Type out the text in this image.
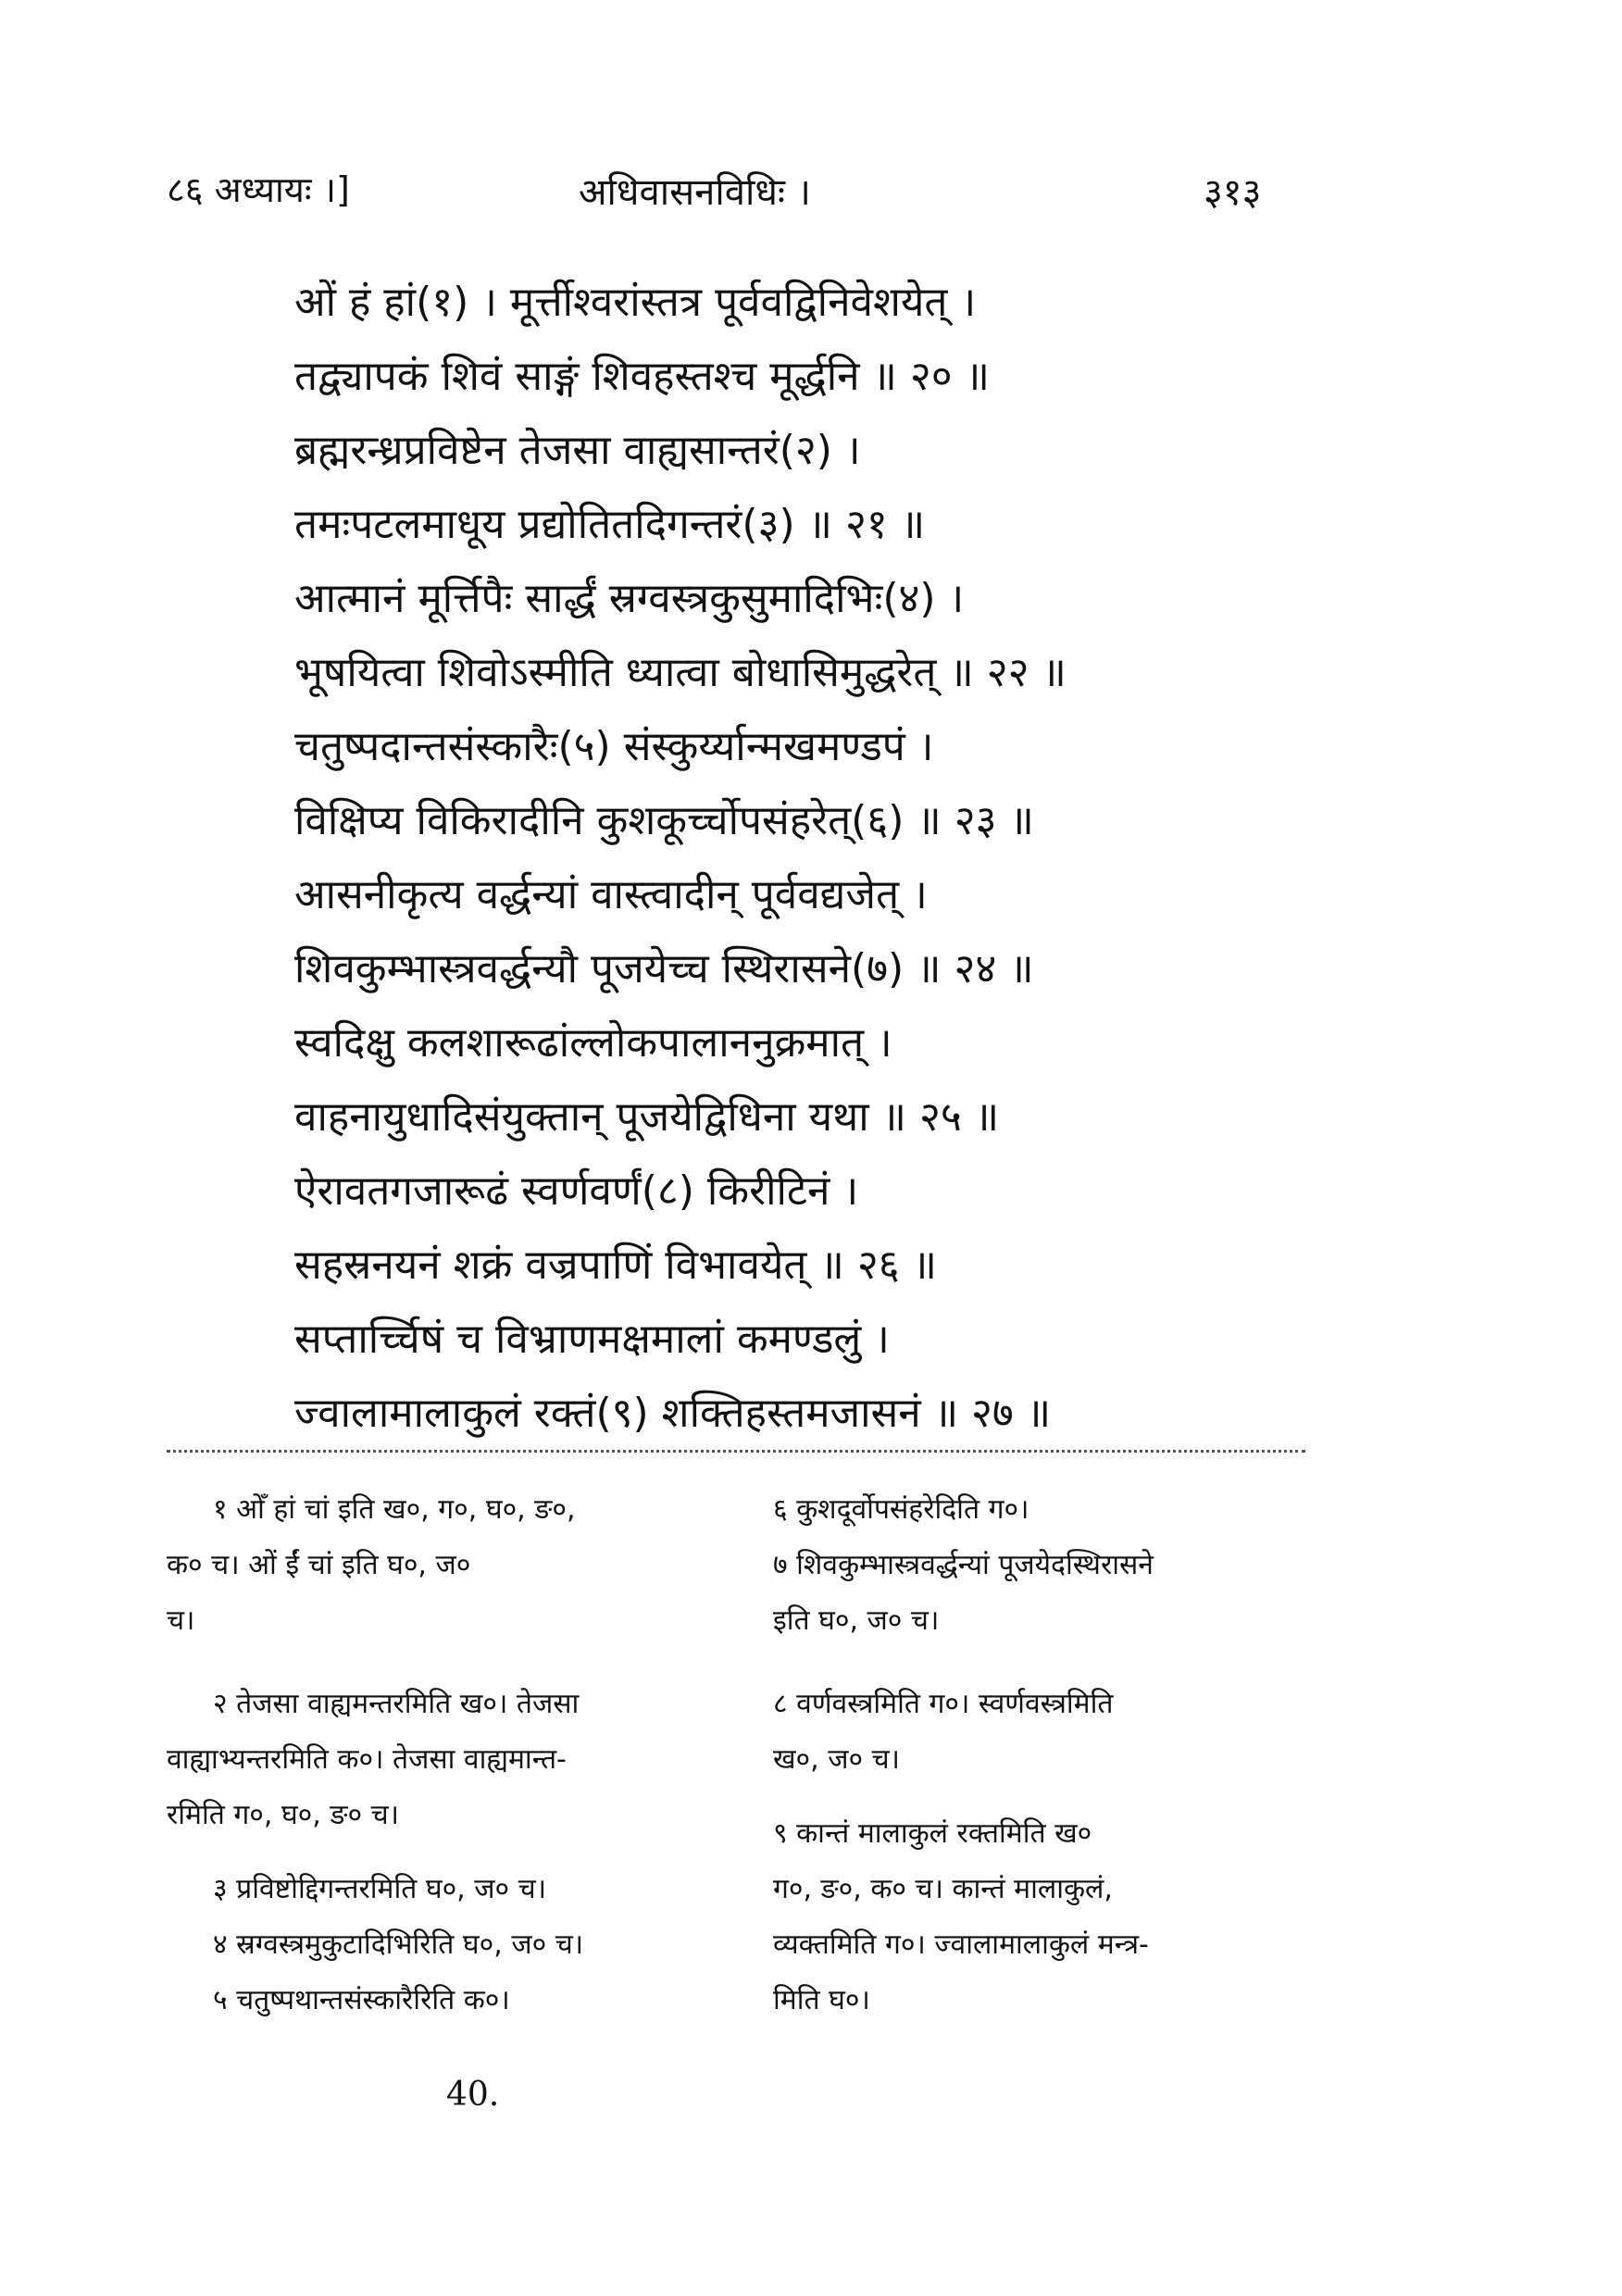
८६ अध्यायः ।]	अधिवासनविधिः ।	३१३
ओं हं हां(१) । मूर्त्तीश्वरांस्तत्र पूर्ववद्विनिवेशयेत् ।
तद्व्यापकं शिवं साङ्गं शिवहस्तश्च मूर्द्धनि ॥ २० ॥
ब्रह्मरन्ध्रप्रविष्टेन तेजसा वाह्यसान्तरं(२) ।
तमःपटलमाधूय प्रद्योतितदिगन्तरं(३) ॥ २१ ॥
आत्मानं मूर्त्तिपैः सार्द्धं स्रग्वस्त्रकुसुमादिभिः(४) ।
भूषयित्वा शिवोऽस्मीति ध्यात्वा बोधासिमुद्धरेत् ॥ २२ ॥
चतुष्पदान्तसंस्कारैः(५) संस्कुर्य्यान्मखमण्डपं ।
विक्षिप्य विकिरादीनि कुशकूर्च्चोपसंहरेत्(६) ॥ २३ ॥
आसनीकृत्य वर्द्धन्यां वास्त्वादीन् पूर्ववद्यजेत् ।
शिवकुम्भास्त्रवर्द्धन्यौ पूजयेच्च स्थिरासने(७) ॥ २४ ॥
स्वदिक्षु कलशारूढांल्लोकपालाननुक्रमात् ।
वाहनायुधादिसंयुक्तान् पूजयेद्विधिना यथा ॥ २५ ॥
ऐरावतगजारूढं स्वर्णवर्णं(८) किरीटिनं ।
सहस्रनयनं शक्रं वज्रपाणिं विभावयेत् ॥ २६ ॥
सप्तार्च्चिषं च विभ्राणमक्षमालां कमण्डलुं ।
ज्वालामालाकुलं रक्तं(९) शक्तिहस्तमजासनं ॥ २७ ॥
१ ओँ हां चां इति ख०, ग०, घ०, ङ०,
क० च। ओं ईं चां इति घ०, ज०
च।
२ तेजसा वाह्यमन्तरमिति ख०। तेजसा
वाह्याभ्यन्तरमिति क०। तेजसा वाह्यमान्त-
रमिति ग०, घ०, ङ० च।
३ प्रविष्टोद्दिगन्तरमिति घ०, ज० च।
४ स्रग्वस्त्रमुकुटादिभिरिति घ०, ज० च।
५ चतुष्पथान्तसंस्कारैरिति क०।
६ कुशदूर्वोपसंहरेदिति ग०।
७ शिवकुम्भास्त्रवर्द्धन्यां पूजयेदस्थिरासने
इति घ०, ज० च।
८ वर्णवस्त्रमिति ग०। स्वर्णवस्त्रमिति
ख०, ज० च।
९ कान्तं मालाकुलं रक्तमिति ख०
ग०, ङ०, क० च। कान्तं मालाकुलं,
व्यक्तमिति ग०। ज्वालामालाकुलं मन्त्र-
मिति घ०।
40.
